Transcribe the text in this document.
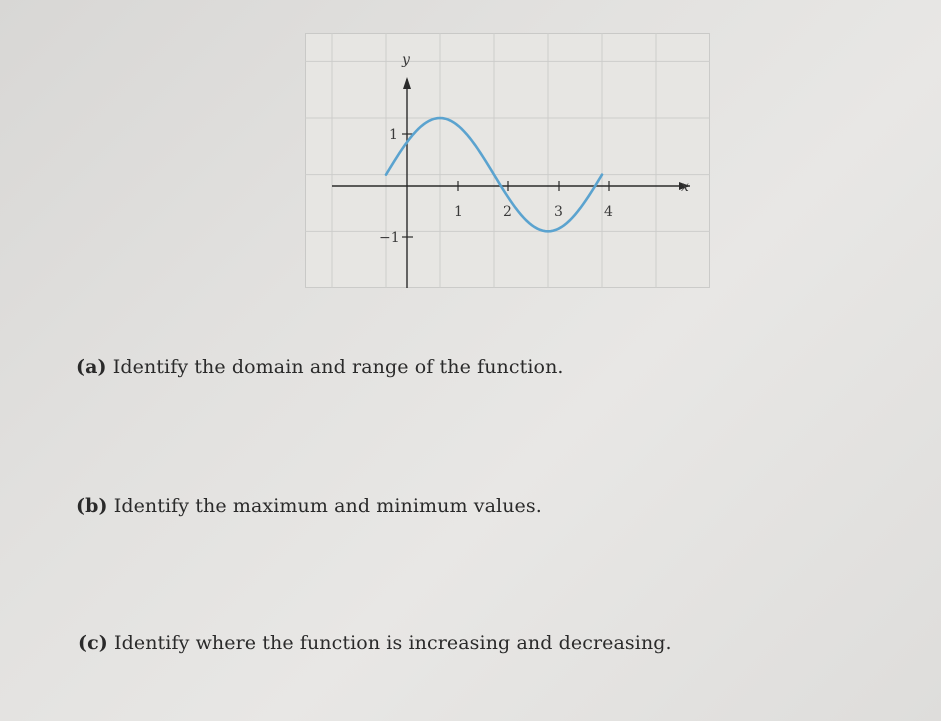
x
y
1	2	3	4
1
−1
(a) Identify the domain and range of the function.
(b) Identify the maximum and minimum values.
(c) Identify where the function is increasing and decreasing.
